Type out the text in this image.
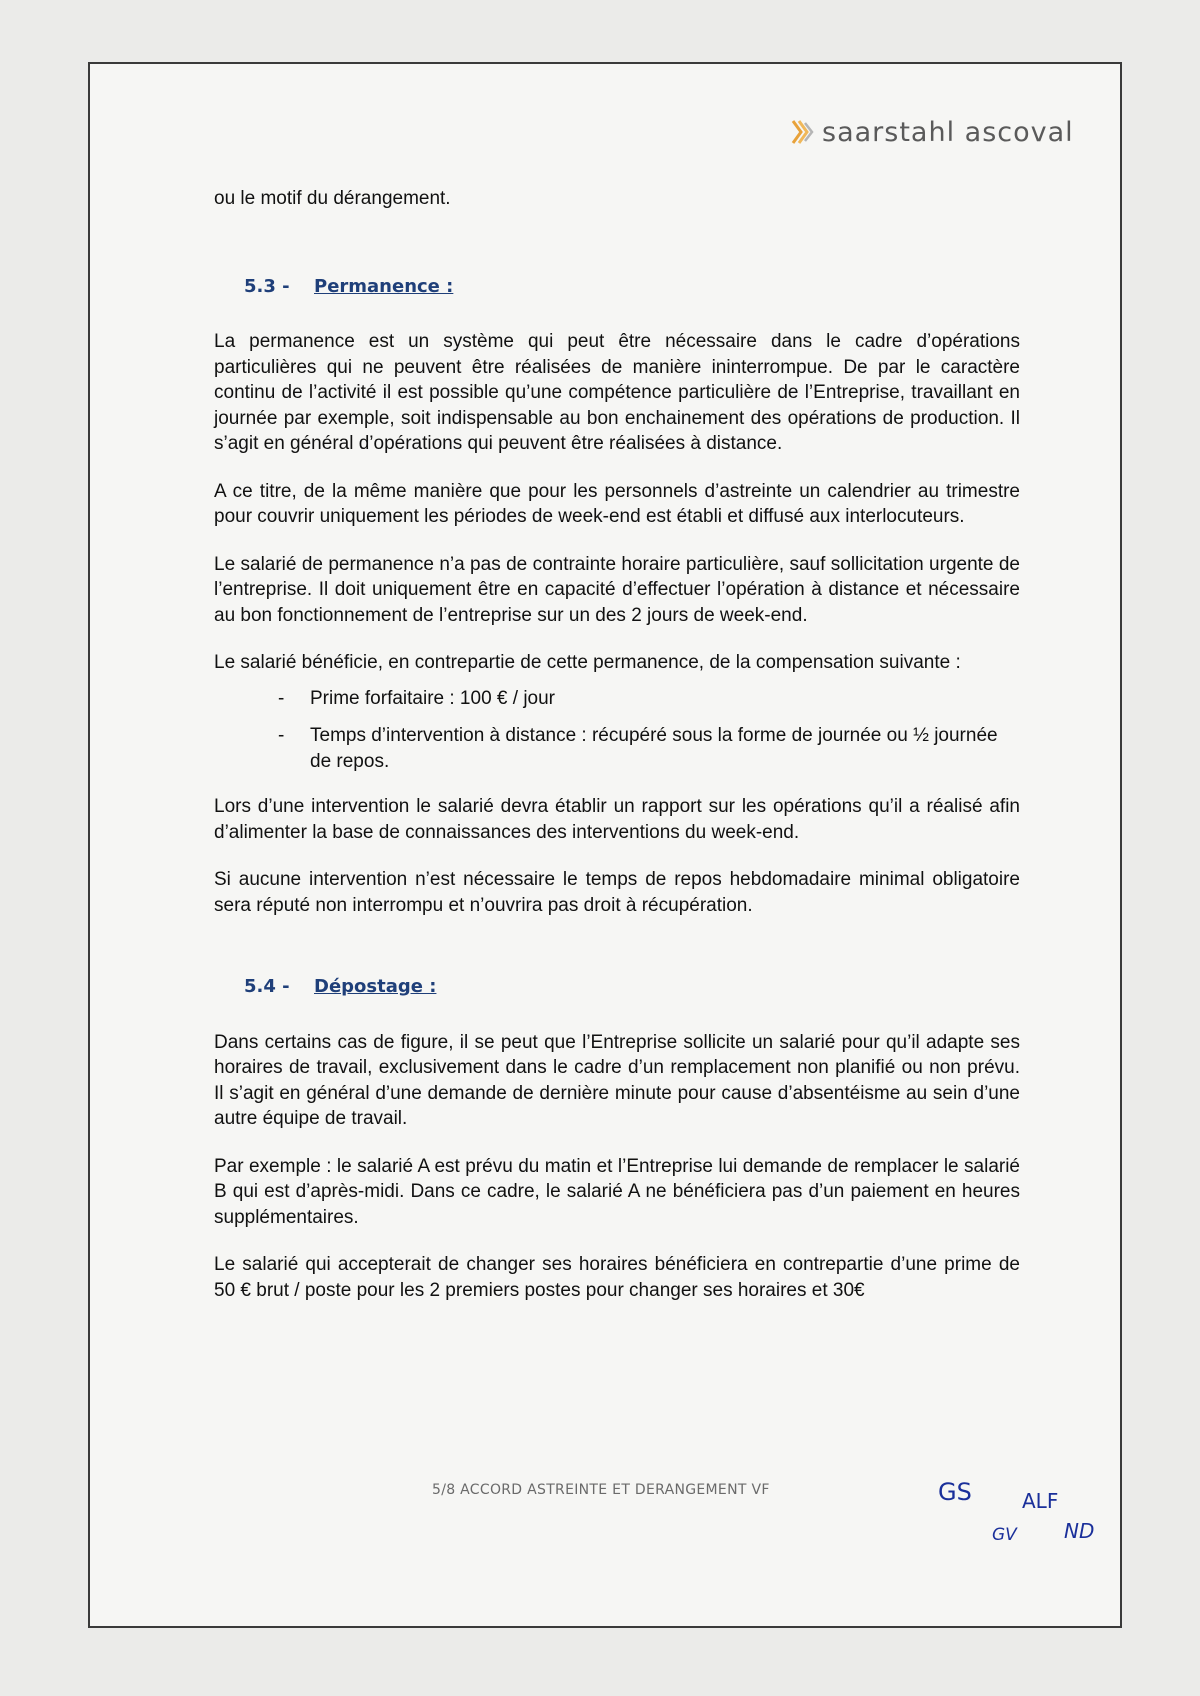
saarstahl ascoval

ou le motif du dérangement.

5.3 -	Permanence :

La permanence est un système qui peut être nécessaire dans le cadre d’opérations particulières qui ne peuvent être réalisées de manière ininterrompue. De par le caractère continu de l’activité il est possible qu’une compétence particulière de l’Entreprise, travaillant en journée par exemple, soit indispensable au bon enchainement des opérations de production. Il s’agit en général d’opérations qui peuvent être réalisées à distance.

A ce titre, de la même manière que pour les personnels d’astreinte un calendrier au trimestre pour couvrir uniquement les périodes de week-end est établi et diffusé aux interlocuteurs.

Le salarié de permanence n’a pas de contrainte horaire particulière, sauf sollicitation urgente de l’entreprise. Il doit uniquement être en capacité d’effectuer l’opération à distance et nécessaire au bon fonctionnement de l’entreprise sur un des 2 jours de week-end.

Le salarié bénéficie, en contrepartie de cette permanence, de la compensation suivante :

- Prime forfaitaire : 100 € / jour
- Temps d’intervention à distance : récupéré sous la forme de journée ou ½ journée de repos.

Lors d’une intervention le salarié devra établir un rapport sur les opérations qu’il a réalisé afin d’alimenter la base de connaissances des interventions du week-end.

Si aucune intervention n’est nécessaire le temps de repos hebdomadaire minimal obligatoire sera réputé non interrompu et n’ouvrira pas droit à récupération.

5.4 -	Dépostage :

Dans certains cas de figure, il se peut que l’Entreprise sollicite un salarié pour qu’il adapte ses horaires de travail, exclusivement dans le cadre d’un remplacement non planifié ou non prévu. Il s’agit en général d’une demande de dernière minute pour cause d’absentéisme au sein d’une autre équipe de travail.

Par exemple : le salarié A est prévu du matin et l’Entreprise lui demande de remplacer le salarié B qui est d’après-midi. Dans ce cadre, le salarié A ne bénéficiera pas d’un paiement en heures supplémentaires.

Le salarié qui accepterait de changer ses horaires bénéficiera en contrepartie d’une prime de 50 € brut / poste pour les 2 premiers postes pour changer ses horaires et 30€

5/8 ACCORD ASTREINTE ET DERANGEMENT VF	GS	ALF
GV ND
